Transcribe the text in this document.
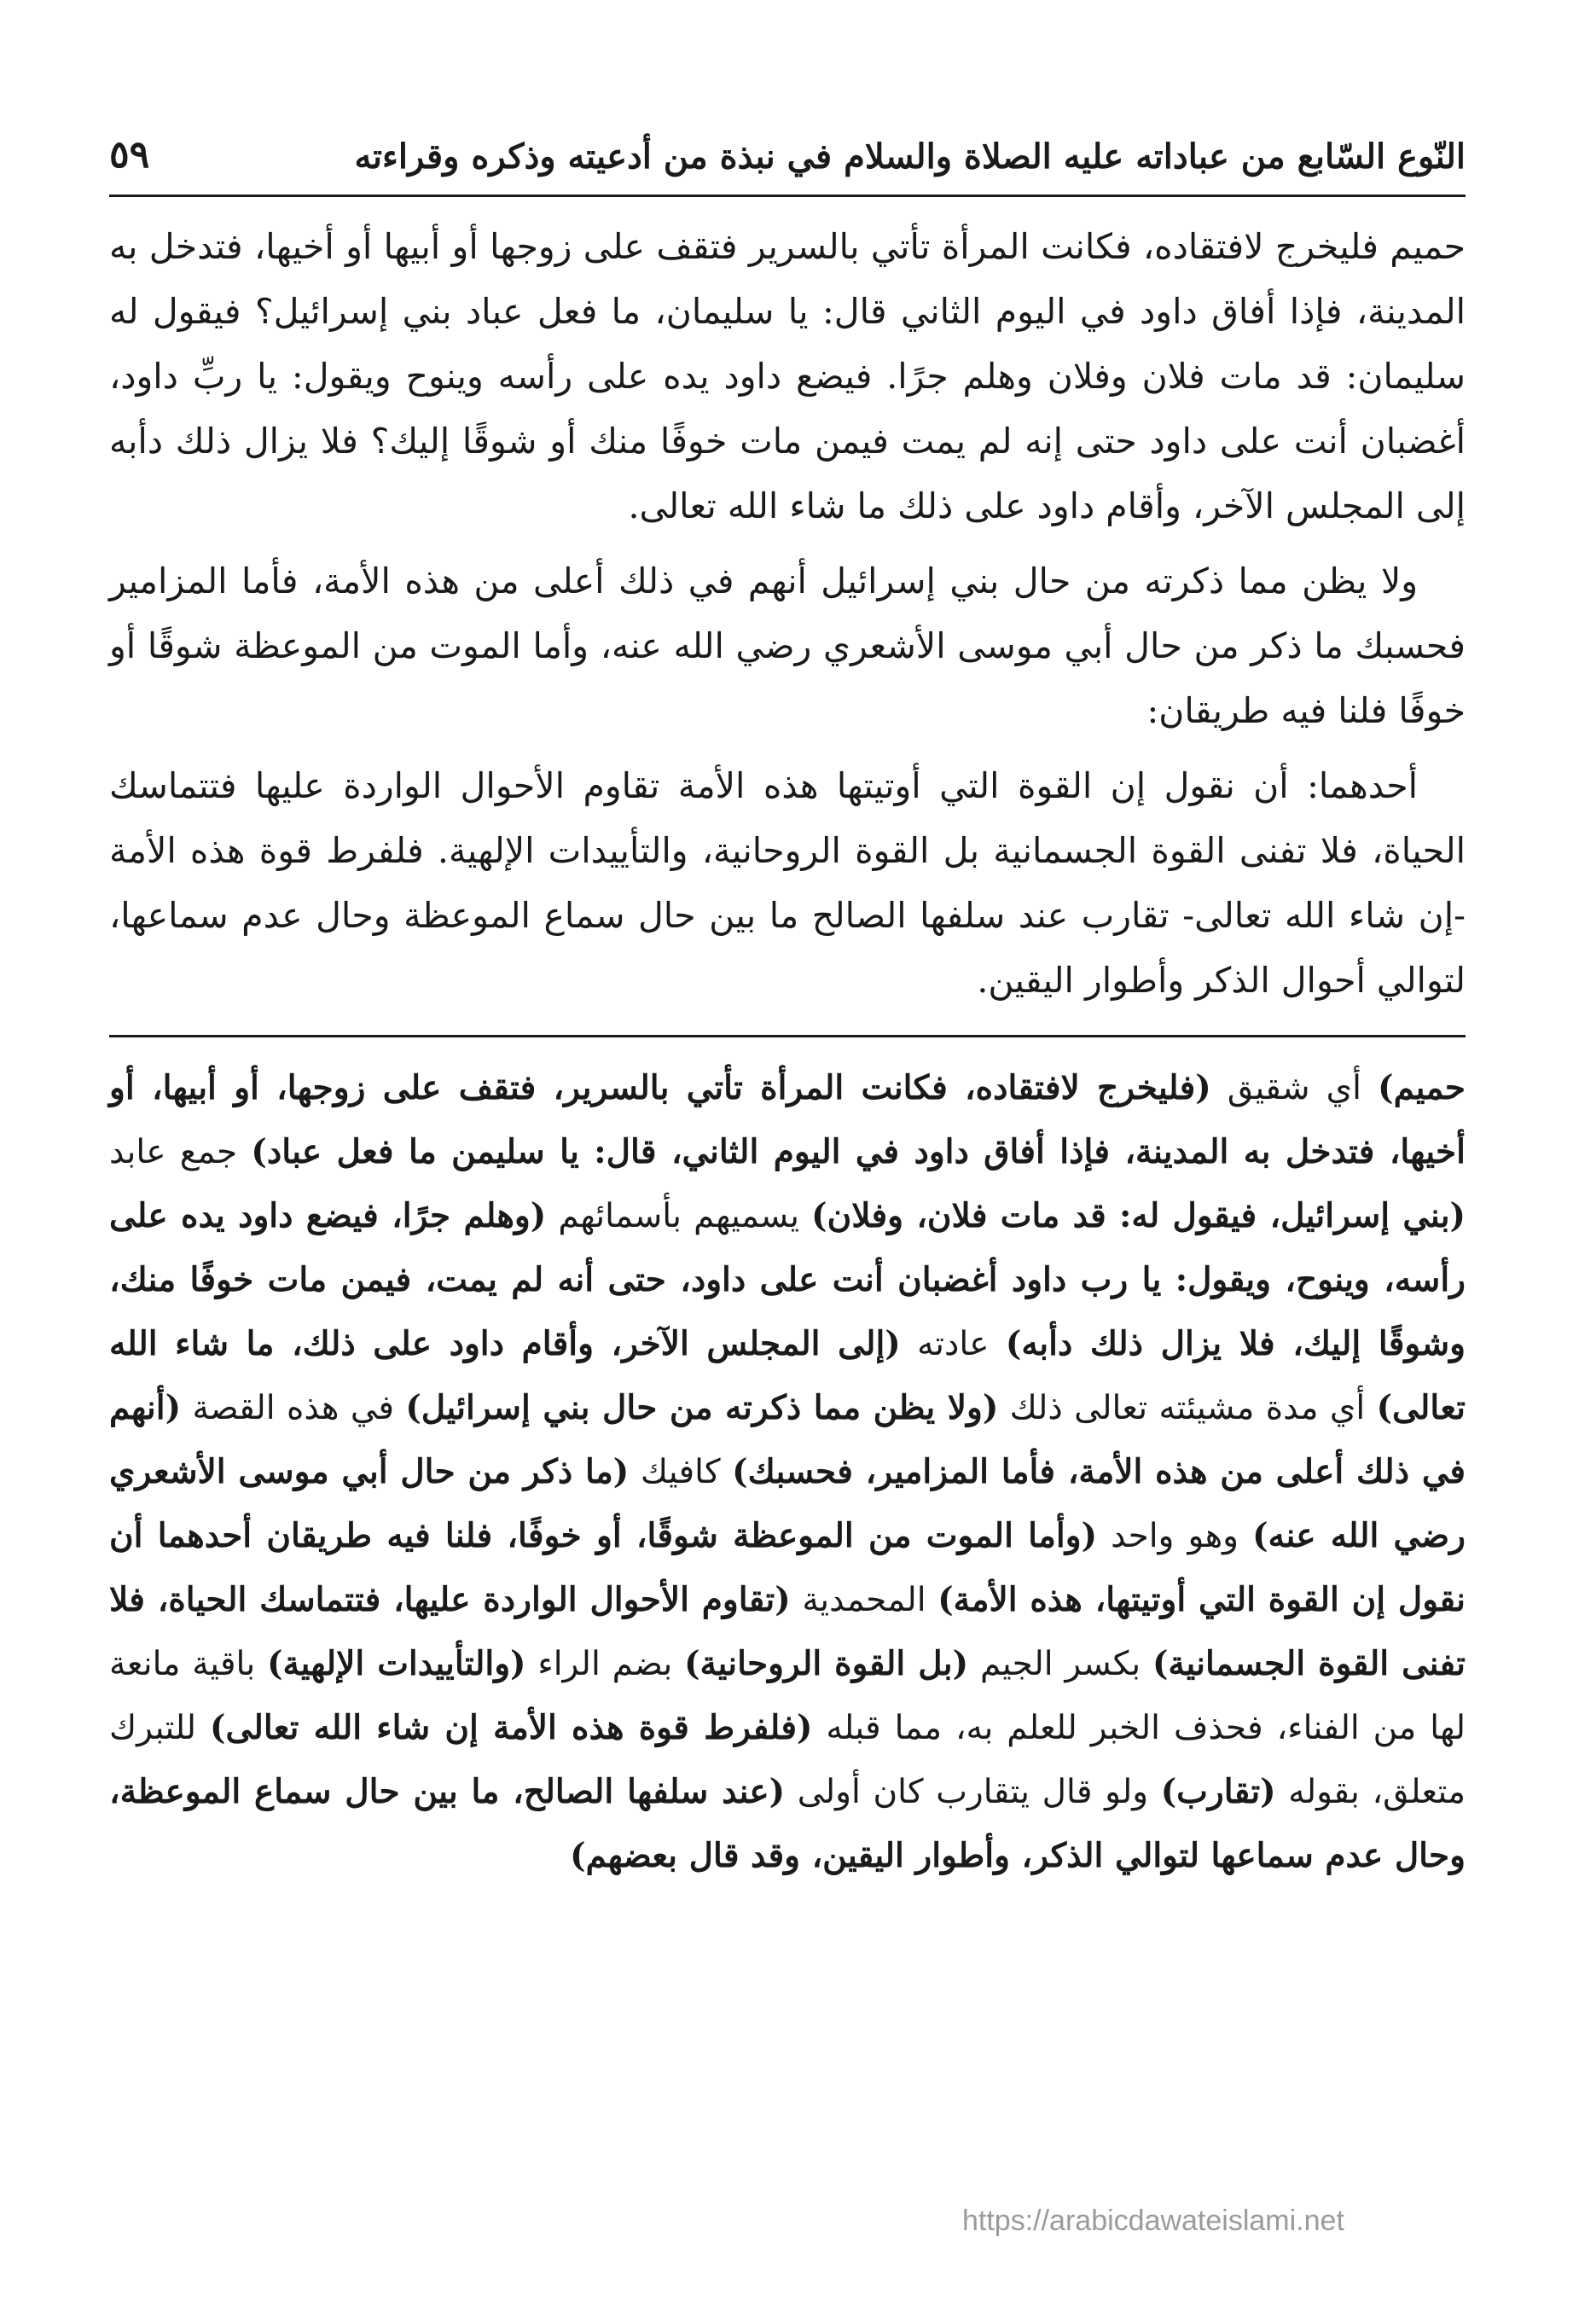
النّوع السّابع من عباداته عليه الصلاة والسلام في نبذة من أدعيته وذكره وقراءته
٥٩

حميم فليخرج لافتقاده، فكانت المرأة تأتي بالسرير فتقف على زوجها أو أبيها أو أخيها، فتدخل به المدينة، فإذا أفاق داود في اليوم الثاني قال: يا سليمان، ما فعل عباد بني إسرائيل؟ فيقول له سليمان: قد مات فلان وفلان وهلم جرًا. فيضع داود يده على رأسه وينوح ويقول: يا ربِّ داود، أغضبان أنت على داود حتى إنه لم يمت فيمن مات خوفًا منك أو شوقًا إليك؟ فلا يزال ذلك دأبه إلى المجلس الآخر، وأقام داود على ذلك ما شاء الله تعالى.

ولا يظن مما ذكرته من حال بني إسرائيل أنهم في ذلك أعلى من هذه الأمة، فأما المزامير فحسبك ما ذكر من حال أبي موسى الأشعري رضي الله عنه، وأما الموت من الموعظة شوقًا أو خوفًا فلنا فيه طريقان:

أحدهما: أن نقول إن القوة التي أوتيتها هذه الأمة تقاوم الأحوال الواردة عليها فتتماسك الحياة، فلا تفنى القوة الجسمانية بل القوة الروحانية، والتأييدات الإلهية. فلفرط قوة هذه الأمة -إن شاء الله تعالى- تقارب عند سلفها الصالح ما بين حال سماع الموعظة وحال عدم سماعها، لتوالي أحوال الذكر وأطوار اليقين.

حميم) أي شقيق (فليخرج لافتقاده، فكانت المرأة تأتي بالسرير، فتقف على زوجها، أو أبيها، أو أخيها، فتدخل به المدينة، فإذا أفاق داود في اليوم الثاني، قال: يا سليمن ما فعل عباد) جمع عابد (بني إسرائيل، فيقول له: قد مات فلان، وفلان) يسميهم بأسمائهم (وهلم جرًا، فيضع داود يده على رأسه، وينوح، ويقول: يا رب داود أغضبان أنت على داود، حتى أنه لم يمت، فيمن مات خوفًا منك، وشوقًا إليك، فلا يزال ذلك دأبه) عادته (إلى المجلس الآخر، وأقام داود على ذلك، ما شاء الله تعالى) أي مدة مشيئته تعالى ذلك (ولا يظن مما ذكرته من حال بني إسرائيل) في هذه القصة (أنهم في ذلك أعلى من هذه الأمة، فأما المزامير، فحسبك) كافيك (ما ذكر من حال أبي موسى الأشعري رضي الله عنه) وهو واحد (وأما الموت من الموعظة شوقًا، أو خوفًا، فلنا فيه طريقان أحدهما أن نقول إن القوة التي أوتيتها، هذه الأمة) المحمدية (تقاوم الأحوال الواردة عليها، فتتماسك الحياة، فلا تفنى القوة الجسمانية) بكسر الجيم (بل القوة الروحانية) بضم الراء (والتأييدات الإلهية) باقية مانعة لها من الفناء، فحذف الخبر للعلم به، مما قبله (فلفرط قوة هذه الأمة إن شاء الله تعالى) للتبرك متعلق، بقوله (تقارب) ولو قال يتقارب كان أولى (عند سلفها الصالح، ما بين حال سماع الموعظة، وحال عدم سماعها لتوالي الذكر، وأطوار اليقين، وقد قال بعضهم)

https://arabicdawateislami.net
